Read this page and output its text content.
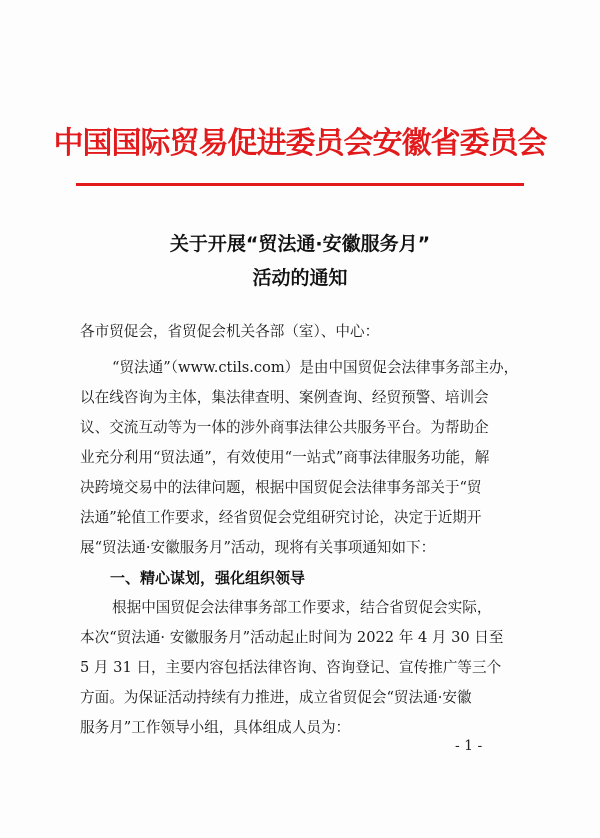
中国国际贸易促进委员会安徽省委员会
关于开展“贸法通·安徽服务月”
活动的通知
各市贸促会，省贸促会机关各部（室）、中心：
“贸法通”（www.ctils.com）是由中国贸促会法律事务部主办，
以在线咨询为主体，集法律查明、案例查询、经贸预警、培训会
议、交流互动等为一体的涉外商事法律公共服务平台。为帮助企
业充分利用“贸法通”，有效使用“一站式”商事法律服务功能，解
决跨境交易中的法律问题，根据中国贸促会法律事务部关于“贸
法通”轮值工作要求，经省贸促会党组研究讨论，决定于近期开
展“贸法通·安徽服务月”活动，现将有关事项通知如下：
一、精心谋划，强化组织领导
根据中国贸促会法律事务部工作要求，结合省贸促会实际，
本次“贸法通· 安徽服务月”活动起止时间为 2022 年 4 月 30 日至
5 月 31 日，主要内容包括法律咨询、咨询登记、宣传推广等三个
方面。为保证活动持续有力推进，成立省贸促会“贸法通·安徽
服务月”工作领导小组，具体组成人员为：
- 1 -
